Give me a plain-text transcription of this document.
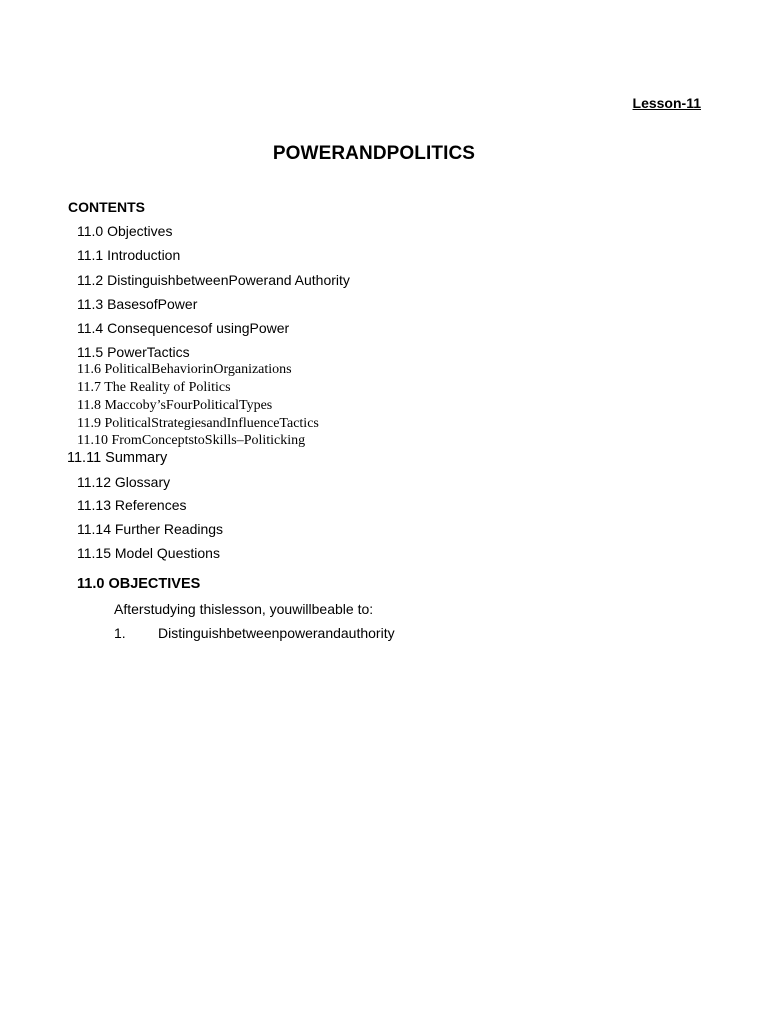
Lesson-11
POWERANDPOLITICS
CONTENTS
11.0 Objectives
11.1 Introduction
11.2 DistinguishbetweenPowerand Authority
11.3 BasesofPower
11.4 Consequencesof usingPower
11.5 PowerTactics
11.6 PoliticalBehaviorinOrganizations
11.7 The Reality of Politics
11.8 Maccoby’sFourPoliticalTypes
11.9 PoliticalStrategiesandInfluenceTactics
11.10 FromConceptstoSkills–Politicking
11.11 Summary
11.12 Glossary
11.13 References
11.14 Further Readings
11.15 Model Questions
11.0 OBJECTIVES
Afterstudying thislesson, youwillbeable to:
1. Distinguishbetweenpowerandauthority
